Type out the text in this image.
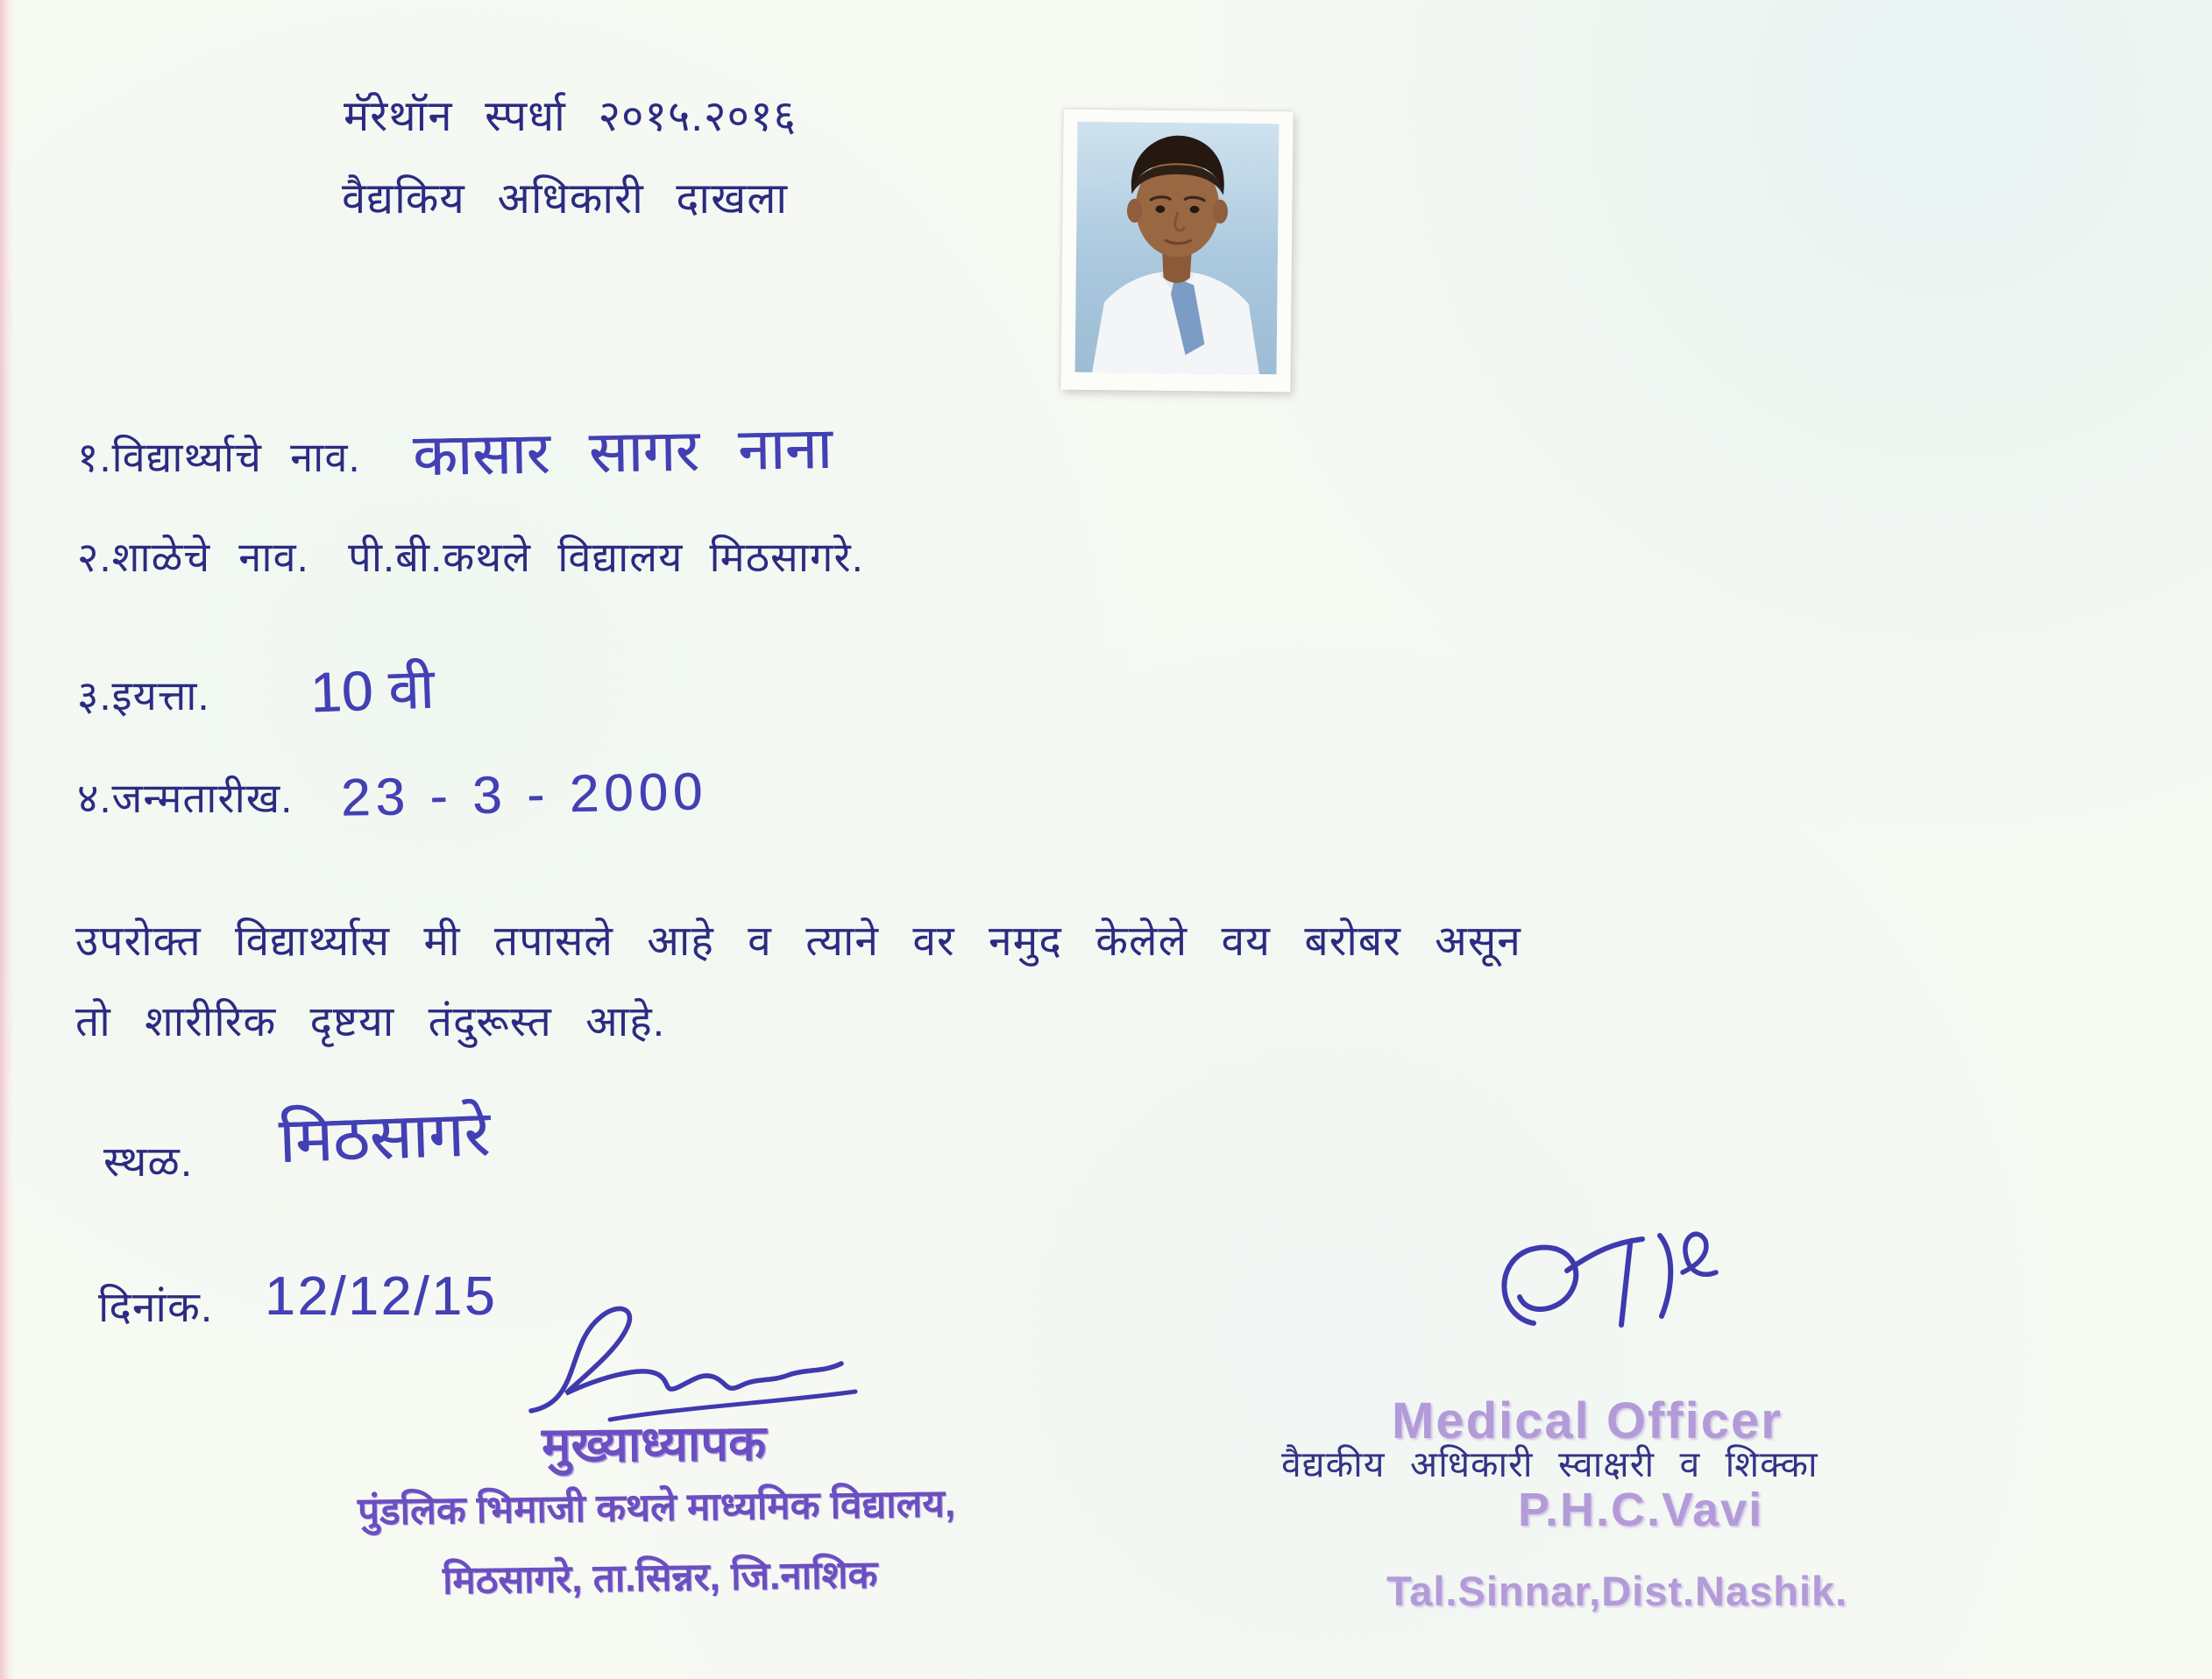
मॅरेथॉन स्पर्धा २०१५.२०१६
वैद्यकिय अधिकारी दाखला
१.विद्यार्थ्याचे नाव. कासार सागर नाना
२.शाळेचे नाव. पी.बी.कथले विद्यालय मिठसागरे.
३.इयत्ता. 10 वी
४.जन्मतारीख. 23 - 3 - 2000
उपरोक्त विद्यार्थ्यास मी तपासले आहे व त्याने वर नमुद केलेले वय बरोबर असून
तो शारीरिक दृष्टया तंदुरूस्त आहे.
स्थळ. मिठसागरे
दिनांक. 12/12/15
मुख्याध्यापक
पुंडलिक भिमाजी कथले माध्यमिक विद्यालय,
मिठसागरे, ता.सिन्नर, जि.नाशिक
वैद्यकीय अधिकारी स्वाक्षरी व शिक्का
Medical Officer
P.H.C.Vavi
Tal.Sinnar,Dist.Nashik.
